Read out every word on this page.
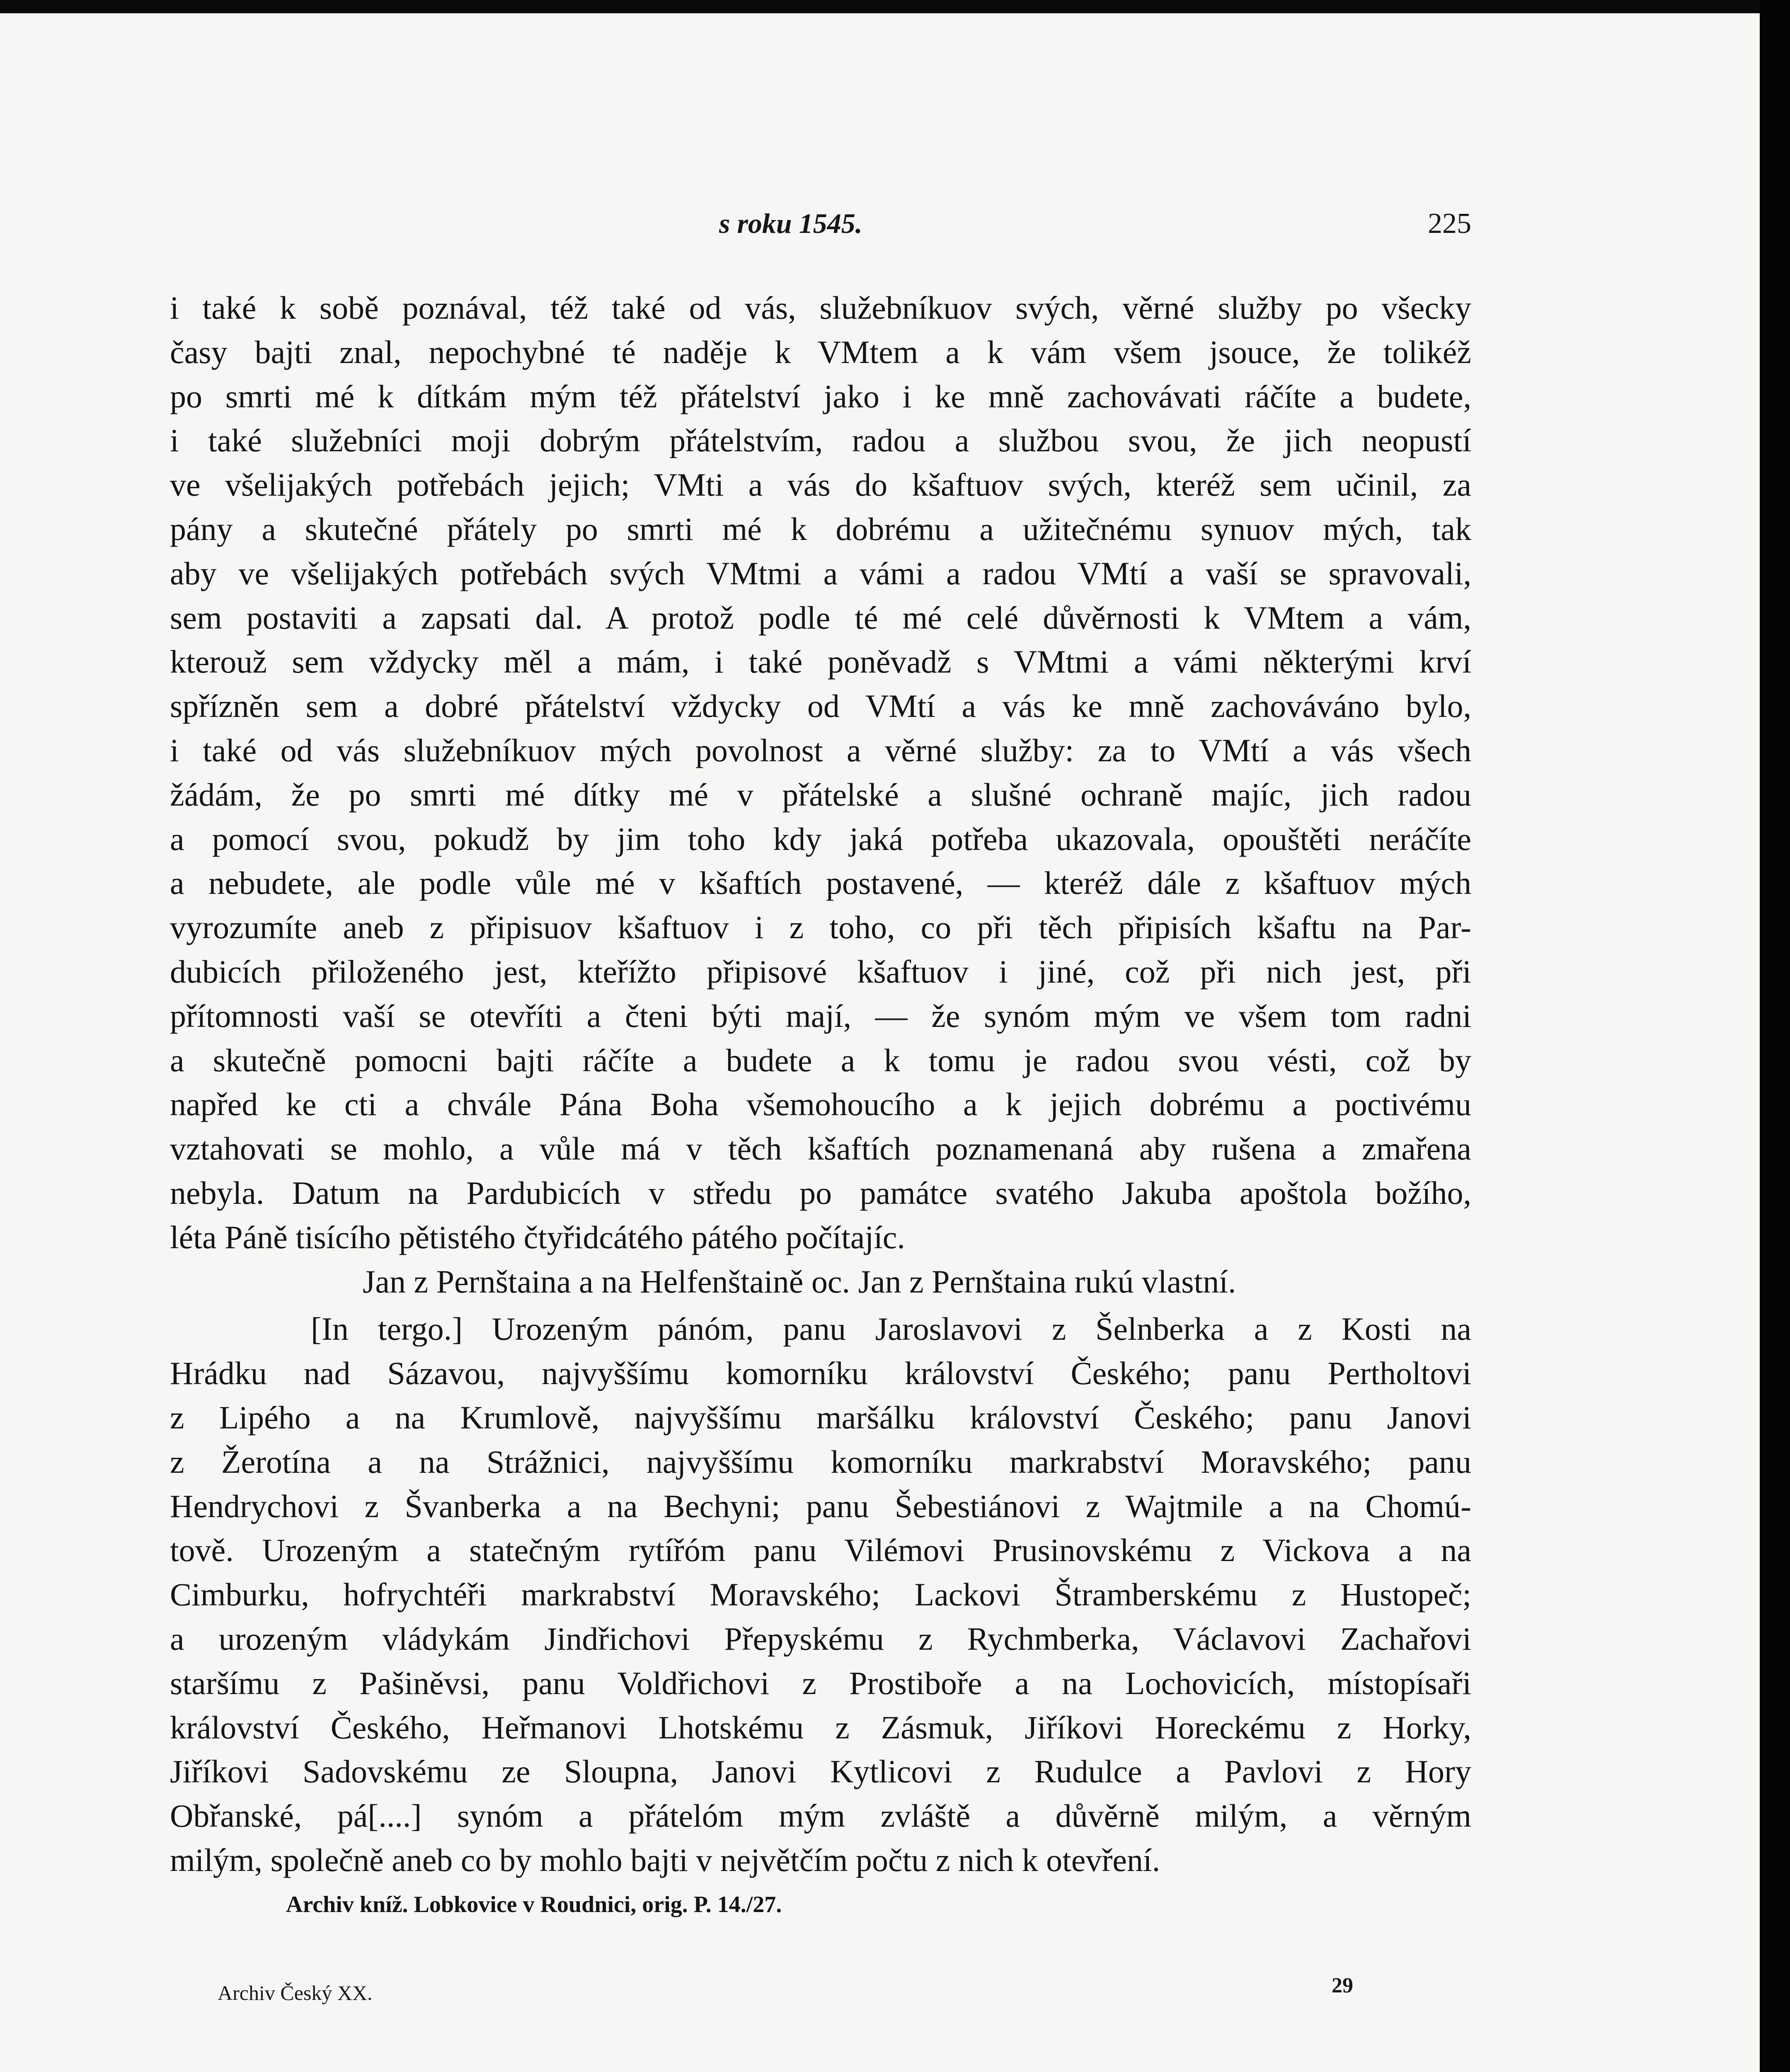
s roku 1545.	225
i také k sobě poznával, též také od vás, služebníkuov svých, věrné služby po všecky
časy bajti znal, nepochybné té naděje k VMtem a k vám všem jsouce, že tolikéž
po smrti mé k dítkám mým též přátelství jako i ke mně zachovávati ráčíte a budete,
i také služebníci moji dobrým přátelstvím, radou a službou svou, že jich neopustí
ve všelijakých potřebách jejich; VMti a vás do kšaftuov svých, kteréž sem učinil, za
pány a skutečné přátely po smrti mé k dobrému a užitečnému synuov mých, tak
aby ve všelijakých potřebách svých VMtmi a vámi a radou VMtí a vaší se spravovali,
sem postaviti a zapsati dal. A protož podle té mé celé důvěrnosti k VMtem a vám,
kterouž sem vždycky měl a mám, i také poněvadž s VMtmi a vámi některými krví
spřízněn sem a dobré přátelství vždycky od VMtí a vás ke mně zachováváno bylo,
i také od vás služebníkuov mých povolnost a věrné služby: za to VMtí a vás všech
žádám, že po smrti mé dítky mé v přátelské a slušné ochraně majíc, jich radou
a pomocí svou, pokudž by jim toho kdy jaká potřeba ukazovala, opouštěti neráčíte
a nebudete, ale podle vůle mé v kšaftích postavené, — kteréž dále z kšaftuov mých
vyrozumíte aneb z připisuov kšaftuov i z toho, co při těch připisích kšaftu na Par-
dubicích přiloženého jest, kteřížto připisové kšaftuov i jiné, což při nich jest, při
přítomnosti vaší se otevříti a čteni býti mají, — že synóm mým ve všem tom radni
a skutečně pomocni bajti ráčíte a budete a k tomu je radou svou vésti, což by
napřed ke cti a chvále Pána Boha všemohoucího a k jejich dobrému a poctivému
vztahovati se mohlo, a vůle má v těch kšaftích poznamenaná aby rušena a zmařena
nebyla. Datum na Pardubicích v středu po památce svatého Jakuba apoštola božího,
léta Páně tisícího pětistého čtyřidcátého pátého počítajíc.
Jan z Pernštaina a na Helfenštaině oc. Jan z Pernštaina rukú vlastní.
[In tergo.] Urozeným pánóm, panu Jaroslavovi z Šelnberka a z Kosti na
Hrádku nad Sázavou, najvyššímu komorníku království Českého; panu Pertholtovi
z Lipého a na Krumlově, najvyššímu maršálku království Českého; panu Janovi
z Žerotína a na Strážnici, najvyššímu komorníku markrabství Moravského; panu
Hendrychovi z Švanberka a na Bechyni; panu Šebestiánovi z Wajtmile a na Chomú-
tově. Urozeným a statečným rytířóm panu Vilémovi Prusinovskému z Vickova a na
Cimburku, hofrychtéři markrabství Moravského; Lackovi Štramberskému z Hustopeč;
a urozeným vládykám Jindřichovi Přepyskému z Rychmberka, Václavovi Zachařovi
staršímu z Pašiněvsi, panu Voldřichovi z Prostiboře a na Lochovicích, místopísaři
království Českého, Heřmanovi Lhotskému z Zásmuk, Jiříkovi Horeckému z Horky,
Jiříkovi Sadovskému ze Sloupna, Janovi Kytlicovi z Rudulce a Pavlovi z Hory
Obřanské, pá[....] synóm a přátelóm mým zvláště a důvěrně milým, a věrným
milým, společně aneb co by mohlo bajti v největčím počtu z nich k otevření.
Archiv kníž. Lobkovice v Roudnici, orig. P. 14./27.
Archiv Český XX.	29
